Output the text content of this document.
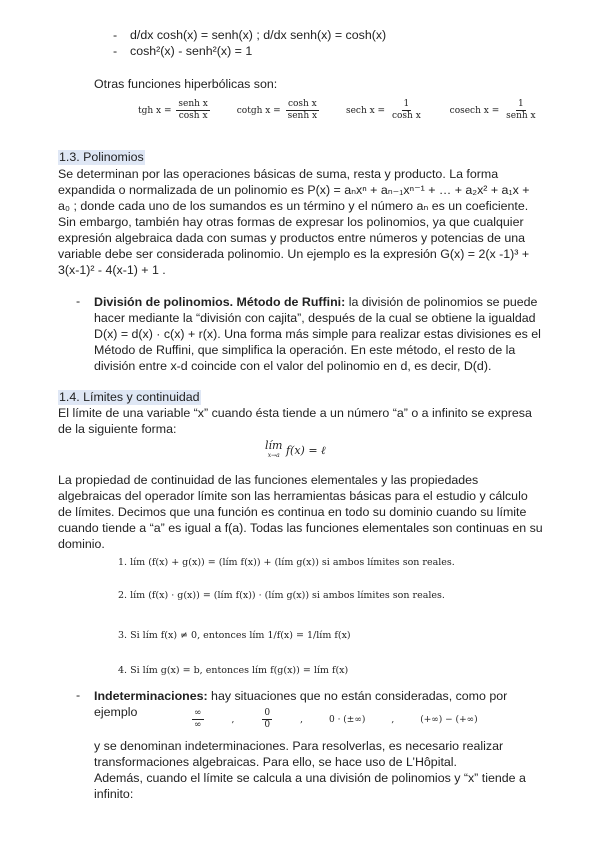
- d/dx cosh(x) = senh(x) ; d/dx senh(x) = cosh(x)
- cosh²(x) - senh²(x) = 1
Otras funciones hiperbólicas son:
tgh $x = \frac{\text{senh x}}{\text{cosh x}}$	cotgh $x = \frac{\text{cosh x}}{\text{senh x}}$	sech $x = \frac{1}{\text{cosh x}}$	cosech $x = \frac{1}{\text{senh x}}$
1.3. Polinomios
Se determinan por las operaciones básicas de suma, resta y producto. La forma expandida o normalizada de un polinomio es P(x) = aₙxⁿ + aₙ₋₁xⁿ⁻¹ + … + a₂x² + a₁x + a₀ ; donde cada uno de los sumandos es un término y el número aₙ es un coeficiente. Sin embargo, también hay otras formas de expresar los polinomios, ya que cualquier expresión algebraica dada con sumas y productos entre números y potencias de una variable debe ser considerada polinomio. Un ejemplo es la expresión G(x) = 2(x -1)³ + 3(x-1)² - 4(x-1) + 1 .
- División de polinomios. Método de Ruffini: la división de polinomios se puede hacer mediante la “división con cajita”, después de la cual se obtiene la igualdad D(x) = d(x) · c(x) + r(x). Una forma más simple para realizar estas divisiones es el Método de Ruffini, que simplifica la operación. En este método, el resto de la división entre x-d coincide con el valor del polinomio en d, es decir, D(d).
1.4. Límites y continuidad
El límite de una variable “x” cuando ésta tiende a un número “a” o a infinito se expresa de la siguiente forma:
lím
x→a f(x) = ℓ
La propiedad de continuidad de las funciones elementales y las propiedades algebraicas del operador límite son las herramientas básicas para el estudio y cálculo de límites. Decimos que una función es continua en todo su dominio cuando su límite cuando tiende a “a” es igual a f(a). Todas las funciones elementales son continuas en su dominio.
1. lím (f(x) + g(x)) = (lím f(x)) + (lím g(x)) si ambos límites son reales.
2. lím (f(x) · g(x)) = (lím f(x)) · (lím g(x)) si ambos límites son reales.
3. Si lím f(x) ≠ 0, entonces lím 1/f(x) = 1/lím f(x)
4. Si lím g(x) = b, entonces lím f(g(x)) = lím f(x)
- Indeterminaciones: hay situaciones que no están consideradas, como por ejemplo	$\frac{\infty}{\infty}$	,	$\frac{0}{0}$	,	0 · (±∞)	,	(+∞) − (+∞)
y se denominan indeterminaciones. Para resolverlas, es necesario realizar transformaciones algebraicas. Para ello, se hace uso de L’Hôpital.
Además, cuando el límite se calcula a una división de polinomios y “x” tiende a infinito:
